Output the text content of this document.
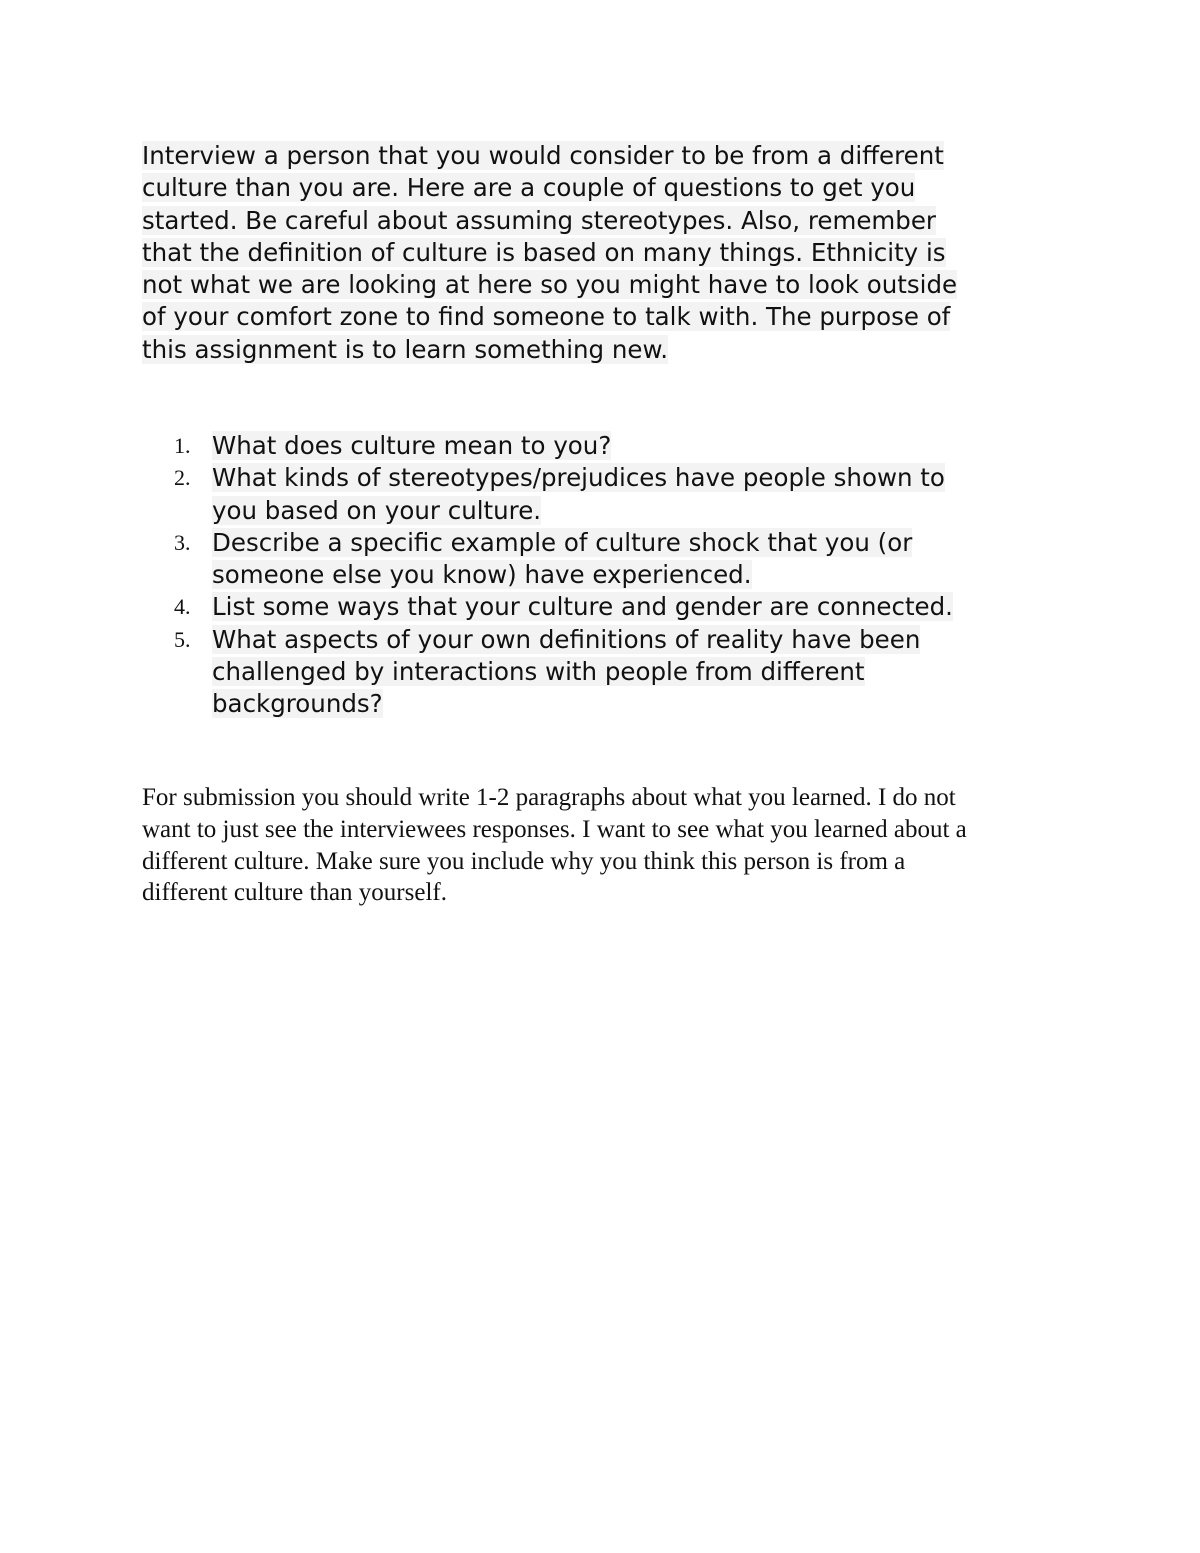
Interview a person that you would consider to be from a different
culture than you are. Here are a couple of questions to get you
started. Be careful about assuming stereotypes. Also, remember
that the definition of culture is based on many things. Ethnicity is
not what we are looking at here so you might have to look outside
of your comfort zone to find someone to talk with. The purpose of
this assignment is to learn something new.

1. What does culture mean to you?
2. What kinds of stereotypes/prejudices have people shown to
you based on your culture.
3. Describe a specific example of culture shock that you (or
someone else you know) have experienced.
4. List some ways that your culture and gender are connected.
5. What aspects of your own definitions of reality have been
challenged by interactions with people from different
backgrounds?

For submission you should write 1-2 paragraphs about what you learned. I do not
want to just see the interviewees responses. I want to see what you learned about a
different culture. Make sure you include why you think this person is from a
different culture than yourself.
